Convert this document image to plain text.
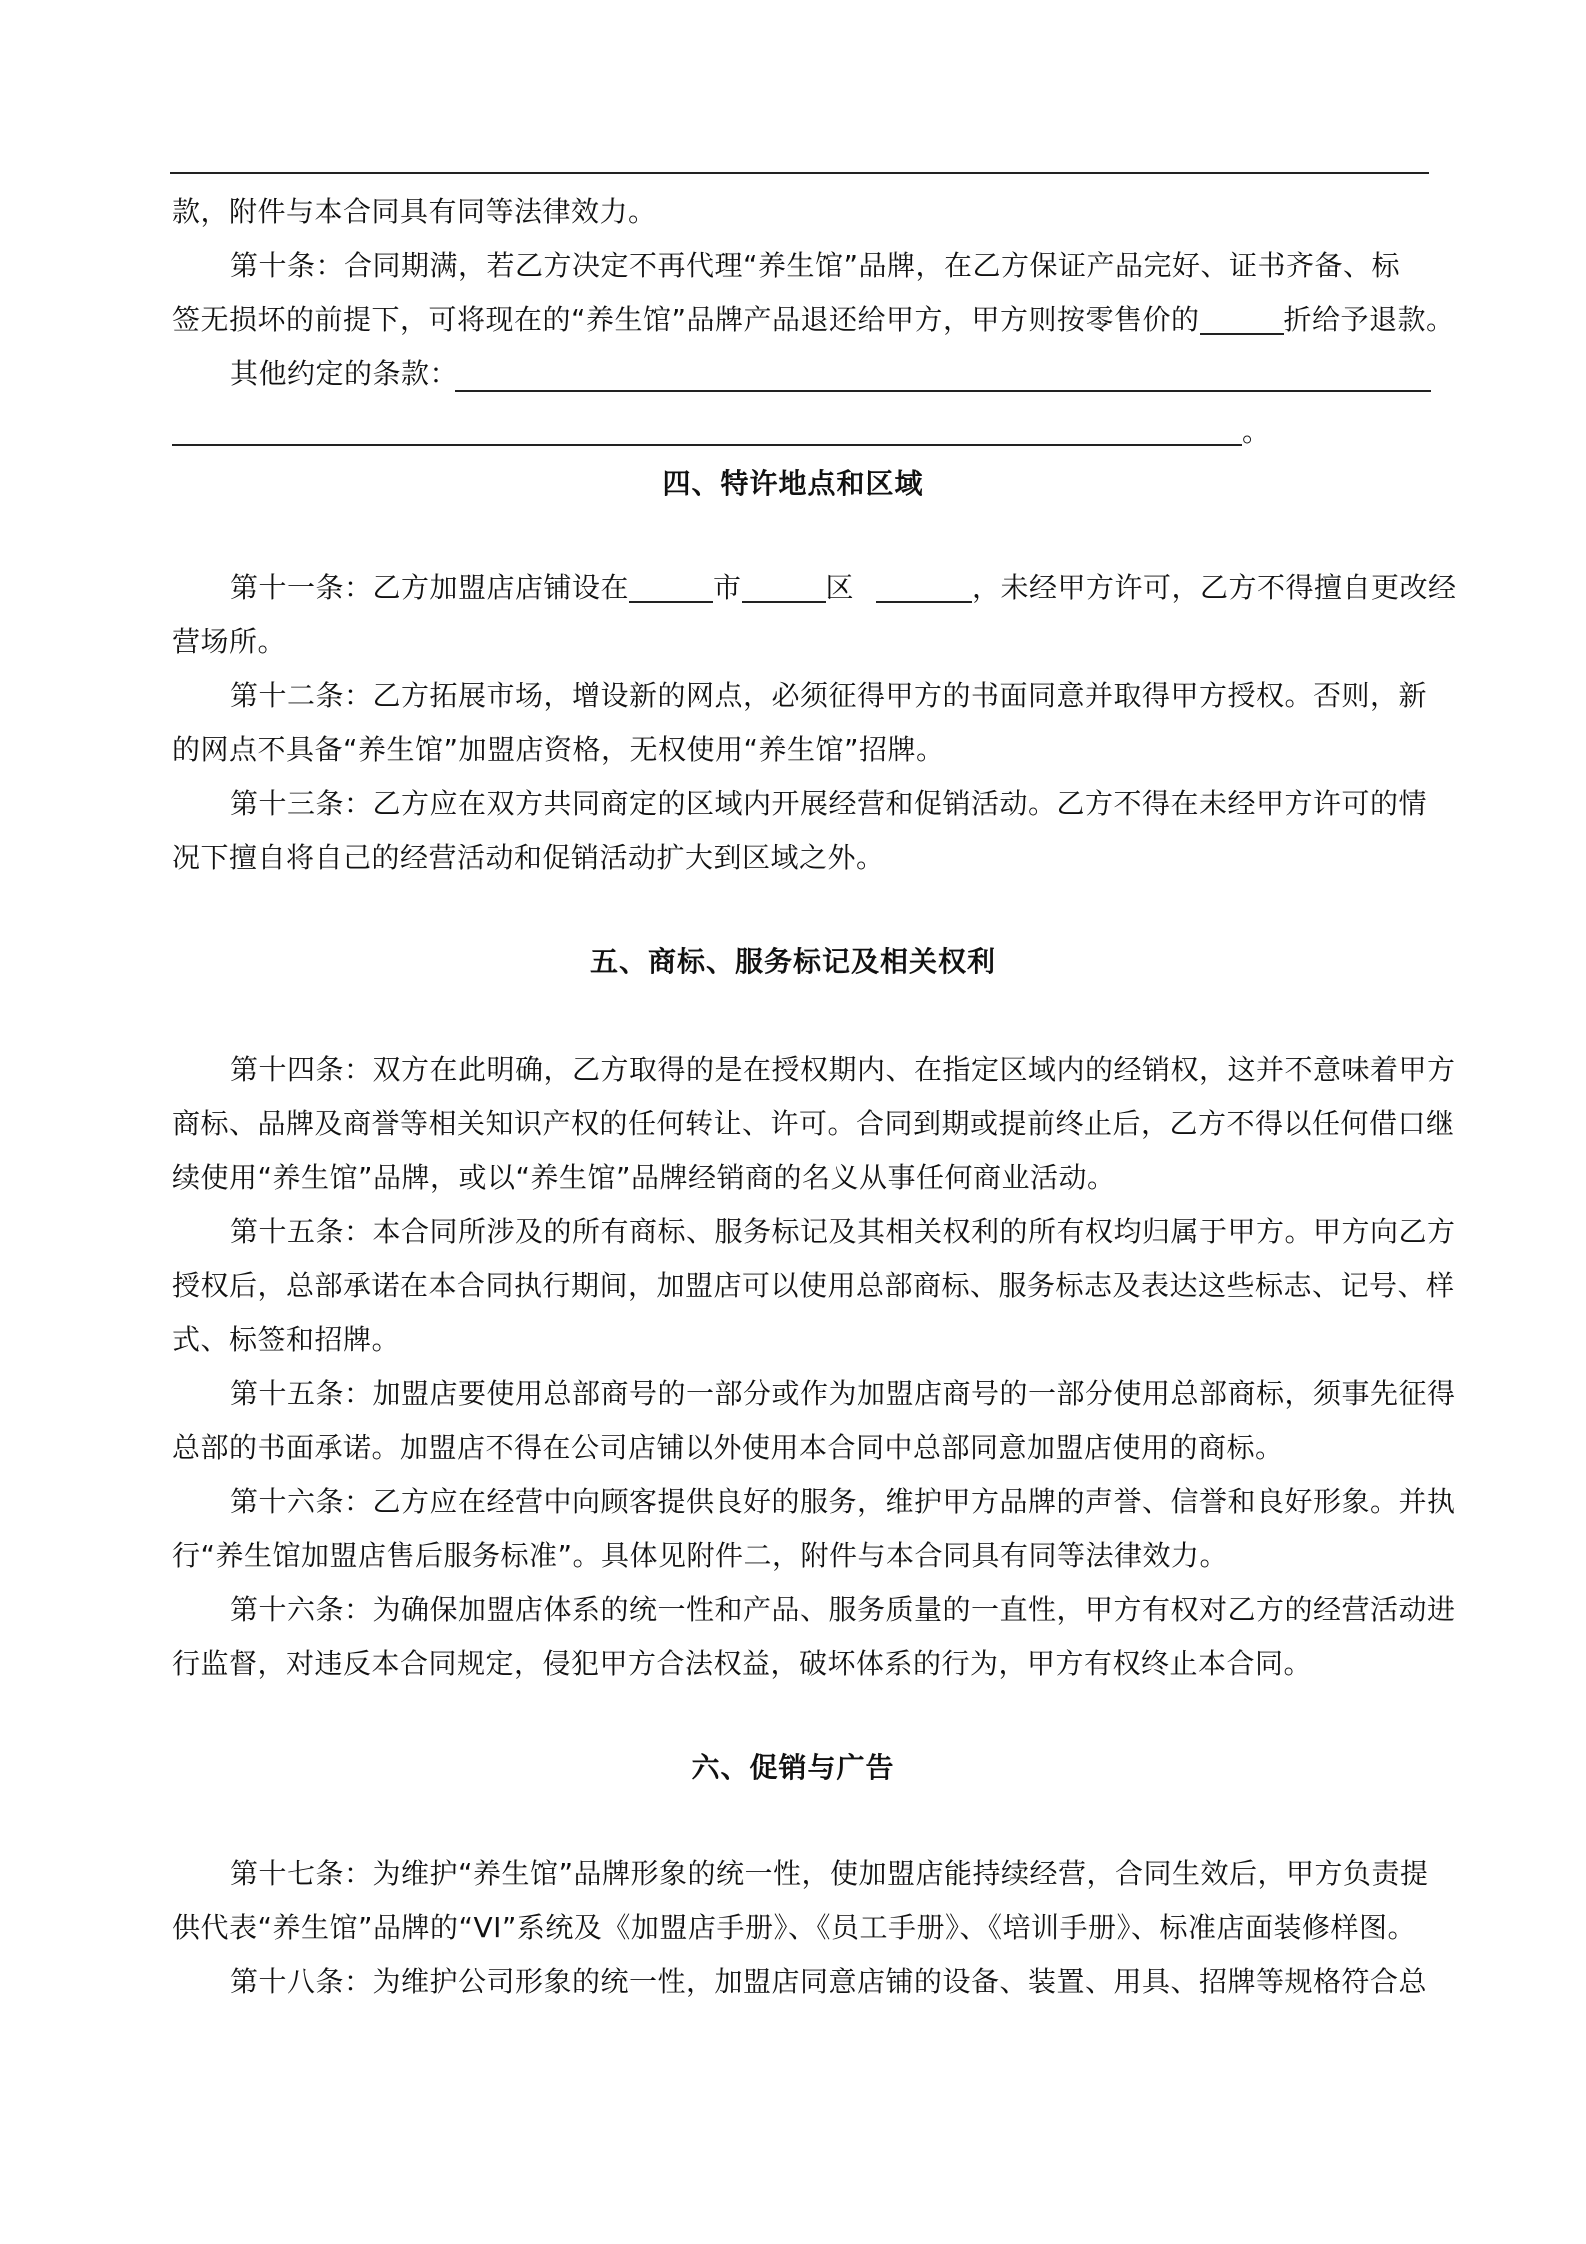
款，附件与本合同具有同等法律效力。
第十条：合同期满，若乙方决定不再代理“养生馆”品牌，在乙方保证产品完好、证书齐备、标
签无损坏的前提下，可将现在的“养生馆”品牌产品退还给甲方，甲方则按零售价的	折给予退款。
其他约定的条款：
。
四、特许地点和区域
第十一条：乙方加盟店店铺设在	市	区	，未经甲方许可，乙方不得擅自更改经
营场所。
第十二条：乙方拓展市场，增设新的网点，必须征得甲方的书面同意并取得甲方授权。否则，新
的网点不具备“养生馆”加盟店资格，无权使用“养生馆”招牌。
第十三条：乙方应在双方共同商定的区域内开展经营和促销活动。乙方不得在未经甲方许可的情
况下擅自将自己的经营活动和促销活动扩大到区域之外。
五、商标、服务标记及相关权利
第十四条：双方在此明确，乙方取得的是在授权期内、在指定区域内的经销权，这并不意味着甲方
商标、品牌及商誉等相关知识产权的任何转让、许可。合同到期或提前终止后，乙方不得以任何借口继
续使用“养生馆”品牌，或以“养生馆”品牌经销商的名义从事任何商业活动。
第十五条：本合同所涉及的所有商标、服务标记及其相关权利的所有权均归属于甲方。甲方向乙方
授权后，总部承诺在本合同执行期间，加盟店可以使用总部商标、服务标志及表达这些标志、记号、样
式、标签和招牌。
第十五条：加盟店要使用总部商号的一部分或作为加盟店商号的一部分使用总部商标，须事先征得
总部的书面承诺。加盟店不得在公司店铺以外使用本合同中总部同意加盟店使用的商标。
第十六条：乙方应在经营中向顾客提供良好的服务，维护甲方品牌的声誉、信誉和良好形象。并执
行“养生馆加盟店售后服务标准”。具体见附件二，附件与本合同具有同等法律效力。
第十六条：为确保加盟店体系的统一性和产品、服务质量的一直性，甲方有权对乙方的经营活动进
行监督，对违反本合同规定，侵犯甲方合法权益，破坏体系的行为，甲方有权终止本合同。
六、促销与广告
第十七条：为维护“养生馆”品牌形象的统一性，使加盟店能持续经营，合同生效后，甲方负责提
供代表“养生馆”品牌的“VI”系统及《加盟店手册》、《员工手册》、《培训手册》、标准店面装修样图。
第十八条：为维护公司形象的统一性，加盟店同意店铺的设备、装置、用具、招牌等规格符合总
